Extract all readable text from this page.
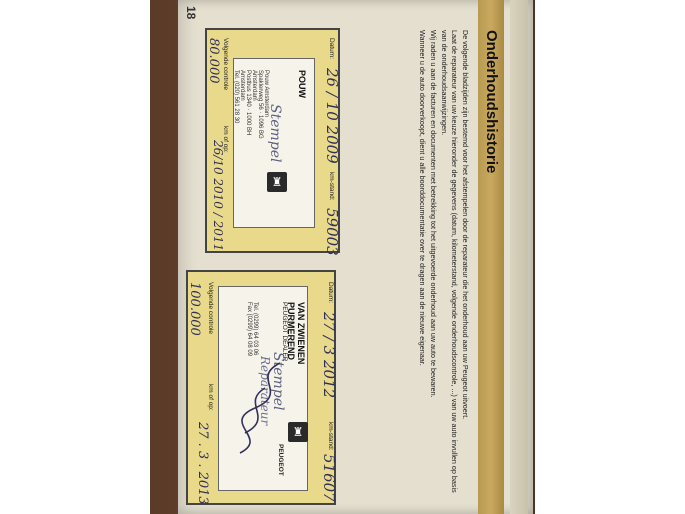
18
Onderhoudshistorie

De volgende bladzijden zijn bestemd voor het afstempelen door de reparateur die het onderhoud aan uw Peugeot uitvoert.

Laat de reparateur van uw keuze hieronder de gegevens (datum, kilometerstand, volgende onderhoudscontrole, ...) van uw auto invullen op basis van de onderhoudsaanwijzingen.

Wij raden u aan de facturen en documenten met betrekking tot het uitgevoerde onderhoud aan uw auto te bewaren.

Wanneer u de auto doorverkoopt, dient u alle boorddocumentatie over te dragen aan de nieuwe eigenaar.

Datum:
26 / 10 2009
km-stand:
59003
POUW
Stempel
Pouw Amsterdam
Spaklerweg 56 · 1096 BG Amsterdam
Postbus 1340 · 1000 BH Amsterdam
Tel. (020) 561 28 30
♜
Volgende controle
80.000
km of op:
26/10 2010 / 2011
Datum:
27 / 3 2012
km-stand:
51607
VAN ZWIENEN PURMEREND
PEUGEOT DEALER
Stempel
Reparateur
Tel. (0299) 64 03 06
Fax (0299) 64 08 09
♜
PEUGEOT
Volgende controle
100.000
km of op:
27 . 3 . 2013
